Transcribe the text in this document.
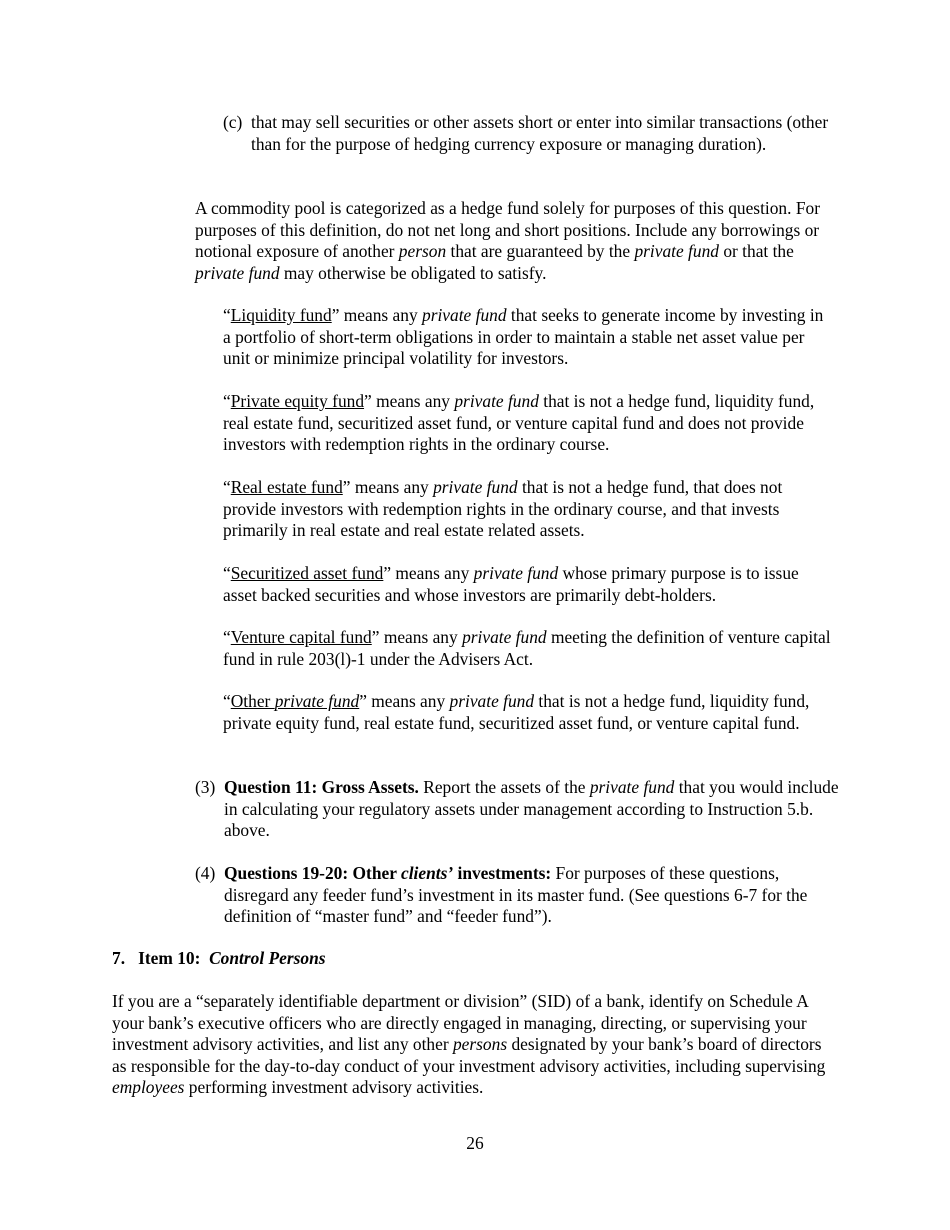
(c) that may sell securities or other assets short or enter into similar transactions (other than for the purpose of hedging currency exposure or managing duration).

A commodity pool is categorized as a hedge fund solely for purposes of this question. For purposes of this definition, do not net long and short positions. Include any borrowings or notional exposure of another person that are guaranteed by the private fund or that the private fund may otherwise be obligated to satisfy.

“Liquidity fund” means any private fund that seeks to generate income by investing in a portfolio of short-term obligations in order to maintain a stable net asset value per unit or minimize principal volatility for investors.

“Private equity fund” means any private fund that is not a hedge fund, liquidity fund, real estate fund, securitized asset fund, or venture capital fund and does not provide investors with redemption rights in the ordinary course.

“Real estate fund” means any private fund that is not a hedge fund, that does not provide investors with redemption rights in the ordinary course, and that invests primarily in real estate and real estate related assets.

“Securitized asset fund” means any private fund whose primary purpose is to issue asset backed securities and whose investors are primarily debt-holders.

“Venture capital fund” means any private fund meeting the definition of venture capital fund in rule 203(l)-1 under the Advisers Act.

“Other private fund” means any private fund that is not a hedge fund, liquidity fund, private equity fund, real estate fund, securitized asset fund, or venture capital fund.

(3) Question 11: Gross Assets. Report the assets of the private fund that you would include in calculating your regulatory assets under management according to Instruction 5.b. above.

(4) Questions 19-20: Other clients’ investments: For purposes of these questions, disregard any feeder fund’s investment in its master fund. (See questions 6-7 for the definition of “master fund” and “feeder fund”).

7.   Item 10:  Control Persons

If you are a “separately identifiable department or division” (SID) of a bank, identify on Schedule A your bank’s executive officers who are directly engaged in managing, directing, or supervising your investment advisory activities, and list any other persons designated by your bank’s board of directors as responsible for the day-to-day conduct of your investment advisory activities, including supervising employees performing investment advisory activities.

26
